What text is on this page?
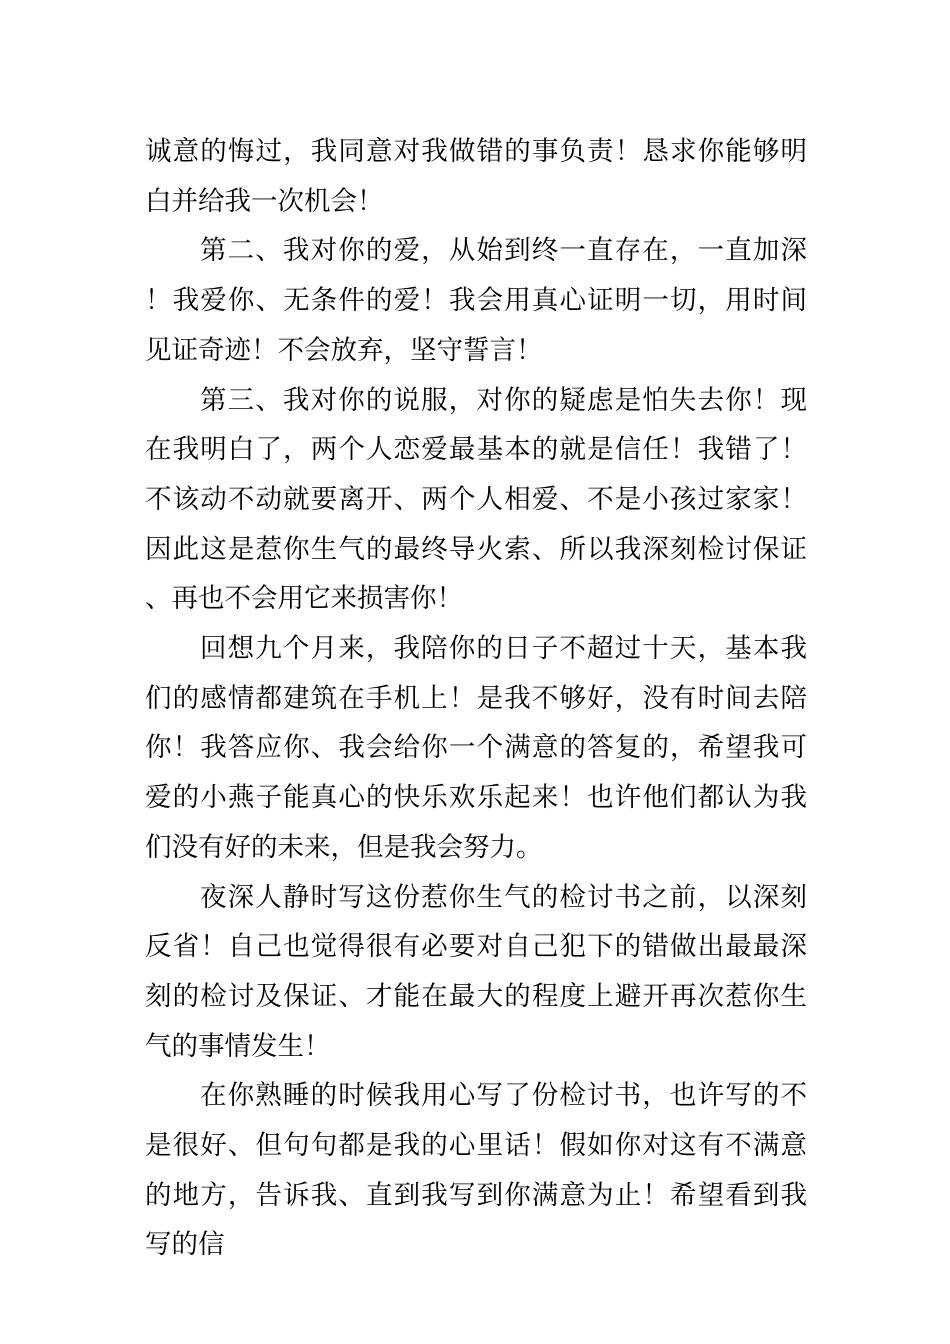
诚意的悔过，我同意对我做错的事负责！恳求你能够明白并给我一次机会！

第二、我对你的爱，从始到终一直存在，一直加深！我爱你、无条件的爱！我会用真心证明一切，用时间见证奇迹！不会放弃，坚守誓言！

第三、我对你的说服，对你的疑虑是怕失去你！现在我明白了，两个人恋爱最基本的就是信任！我错了！不该动不动就要离开、两个人相爱、不是小孩过家家！因此这是惹你生气的最终导火索、所以我深刻检讨保证、再也不会用它来损害你！

回想九个月来，我陪你的日子不超过十天，基本我们的感情都建筑在手机上！是我不够好，没有时间去陪你！我答应你、我会给你一个满意的答复的，希望我可爱的小燕子能真心的快乐欢乐起来！也许他们都认为我们没有好的未来，但是我会努力。

夜深人静时写这份惹你生气的检讨书之前，以深刻反省！自己也觉得很有必要对自己犯下的错做出最最深刻的检讨及保证、才能在最大的程度上避开再次惹你生气的事情发生！

在你熟睡的时候我用心写了份检讨书，也许写的不是很好、但句句都是我的心里话！假如你对这有不满意的地方，告诉我、直到我写到你满意为止！希望看到我写的信
